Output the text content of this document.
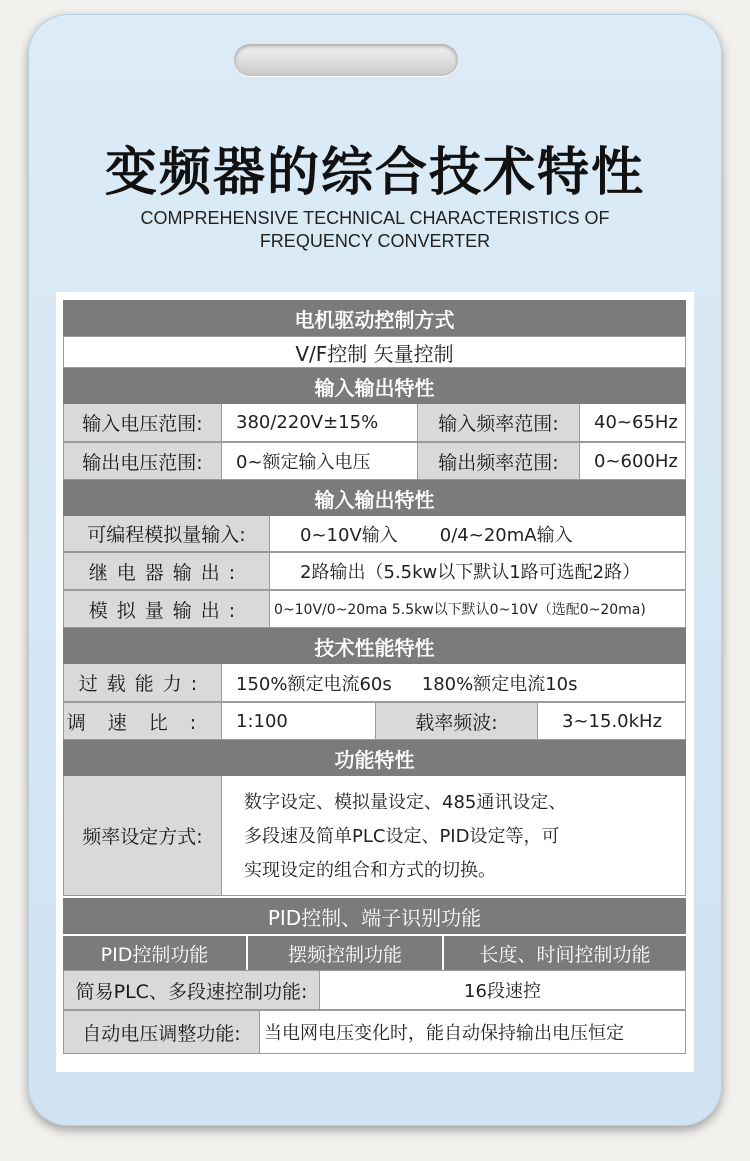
变频器的综合技术特性
COMPREHENSIVE TECHNICAL CHARACTERISTICS OF
FREQUENCY CONVERTER
电机驱动控制方式
V/F控制 矢量控制
输入输出特性
输入电压范围:	380/220V±15%	输入频率范围:	40~65Hz
输出电压范围:	0~额定输入电压	输出频率范围:	0~600Hz
输入输出特性
可编程模拟量输入:	0~10V输入 0/4~20mA输入
继电器输出:	2路输出（5.5kw以下默认1路可选配2路）
模拟量输出:	0~10V/0~20ma 5.5kw以下默认0~10V（选配0~20ma)
技术性能特性
过载能力:	150%额定电流60s 180%额定电流10s
调速比: 1:100	载率频波:	3~15.0kHz
功能特性
频率设定方式:
数字设定、模拟量设定、485通讯设定、
多段速及简单PLC设定、PID设定等，可
实现设定的组合和方式的切换。
PID控制、端子识别功能
PID控制功能	摆频控制功能	长度、时间控制功能
简易PLC、多段速控制功能:	16段速控
自动电压调整功能:	当电网电压变化时，能自动保持输出电压恒定
